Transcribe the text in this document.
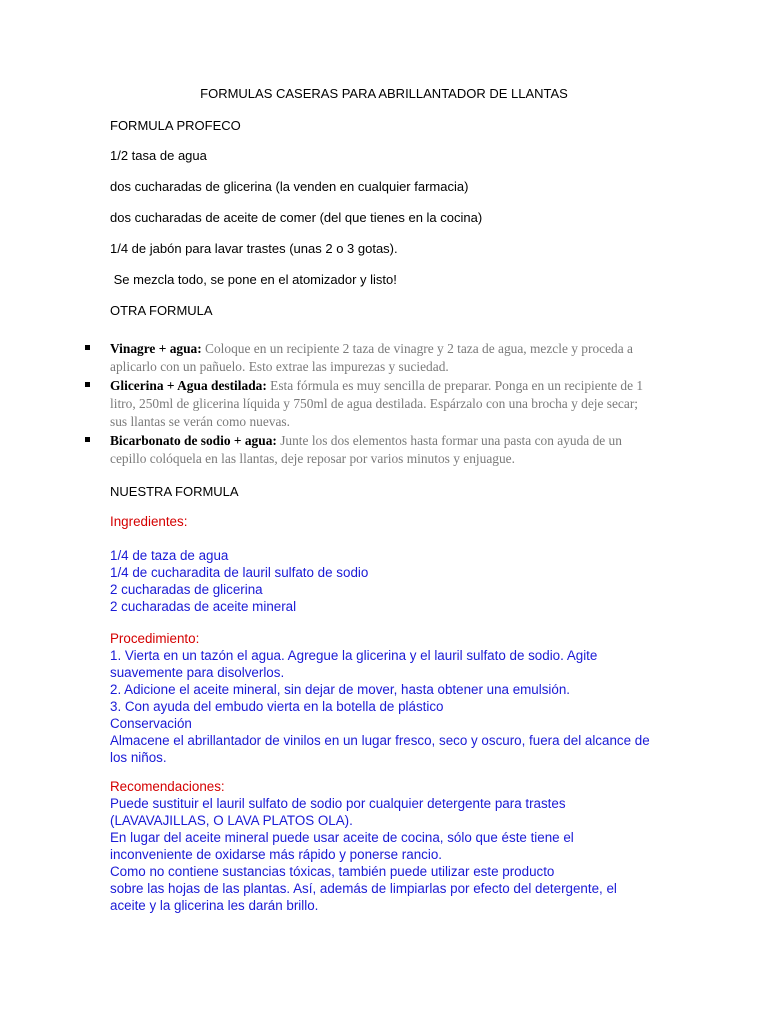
FORMULAS CASERAS PARA ABRILLANTADOR DE LLANTAS
FORMULA PROFECO
1/2 tasa de agua
dos cucharadas de glicerina (la venden en cualquier farmacia)
dos cucharadas de aceite de comer (del que tienes en la cocina)
1/4 de jabón para lavar trastes (unas 2 o 3 gotas).
Se mezcla todo, se pone en el atomizador y listo!
OTRA FORMULA
Vinagre + agua: Coloque en un recipiente 2 taza de vinagre y 2 taza de agua, mezcle y proceda a aplicarlo con un pañuelo. Esto extrae las impurezas y suciedad.
Glicerina + Agua destilada: Esta fórmula es muy sencilla de preparar. Ponga en un recipiente de 1 litro, 250ml de glicerina líquida y 750ml de agua destilada. Espárzalo con una brocha y deje secar; sus llantas se verán como nuevas.
Bicarbonato de sodio + agua: Junte los dos elementos hasta formar una pasta con ayuda de un cepillo colóquela en las llantas, deje reposar por varios minutos y enjuague.
NUESTRA FORMULA
Ingredientes:
1/4 de taza de agua
1/4 de cucharadita de lauril sulfato de sodio
2 cucharadas de glicerina
2 cucharadas de aceite mineral
Procedimiento:
1. Vierta en un tazón el agua. Agregue la glicerina y el lauril sulfato de sodio. Agite
suavemente para disolverlos.
2. Adicione el aceite mineral, sin dejar de mover, hasta obtener una emulsión.
3. Con ayuda del embudo vierta en la botella de plástico
Conservación
Almacene el abrillantador de vinilos en un lugar fresco, seco y oscuro, fuera del alcance de
los niños.
Recomendaciones:
Puede sustituir el lauril sulfato de sodio por cualquier detergente para trastes
(LAVAVAJILLAS, O LAVA PLATOS OLA).
En lugar del aceite mineral puede usar aceite de cocina, sólo que éste tiene el
inconveniente de oxidarse más rápido y ponerse rancio.
Como no contiene sustancias tóxicas, también puede utilizar este producto
sobre las hojas de las plantas. Así, además de limpiarlas por efecto del detergente, el
aceite y la glicerina les darán brillo.
